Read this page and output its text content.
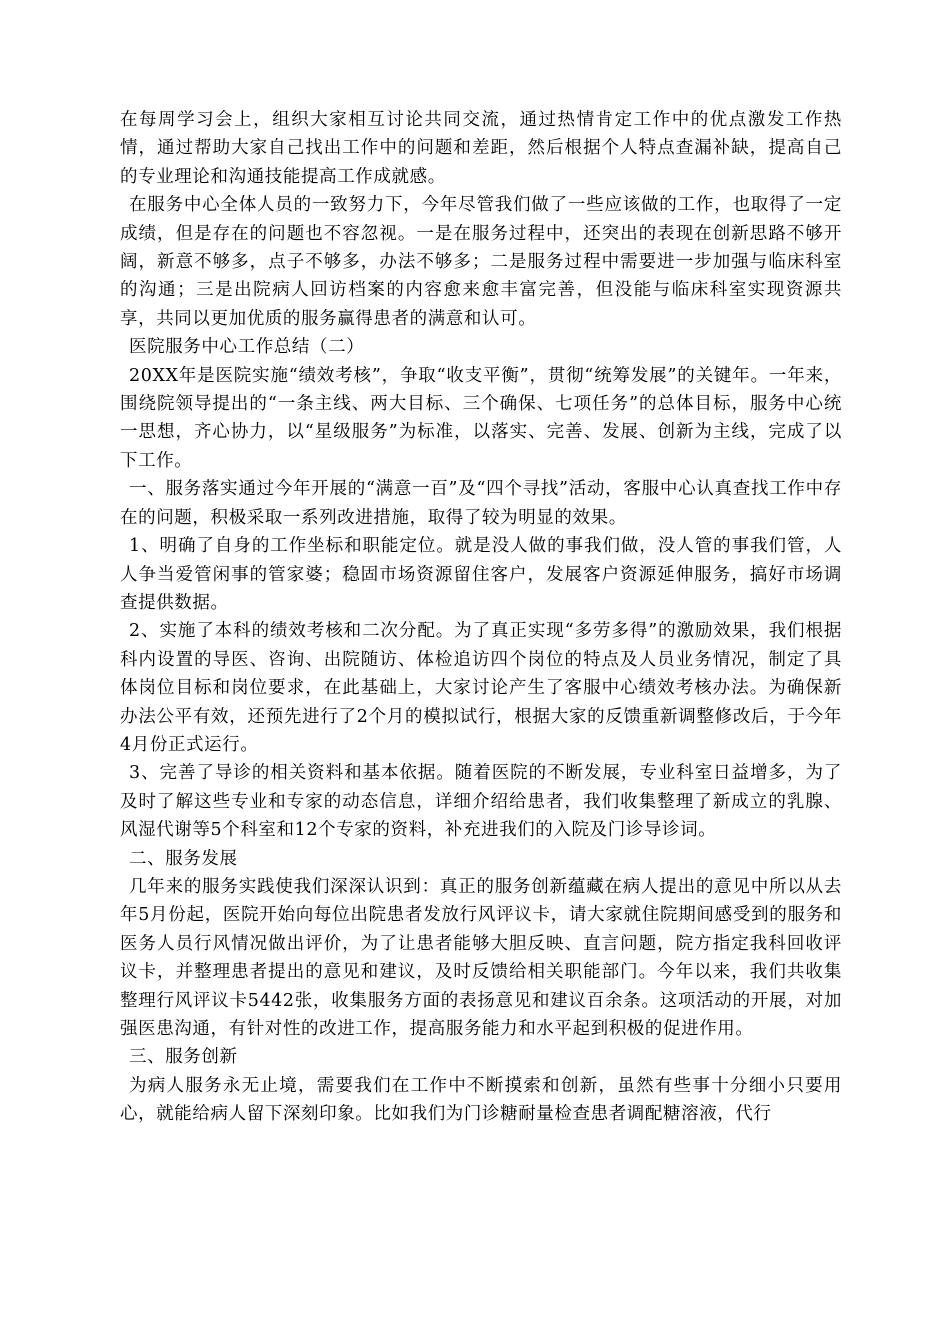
在每周学习会上，组织大家相互讨论共同交流，通过热情肯定工作中的优点激发工作热情，通过帮助大家自己找出工作中的问题和差距，然后根据个人特点查漏补缺，提高自己的专业理论和沟通技能提高工作成就感。

在服务中心全体人员的一致努力下，今年尽管我们做了一些应该做的工作，也取得了一定成绩，但是存在的问题也不容忽视。一是在服务过程中，还突出的表现在创新思路不够开阔，新意不够多，点子不够多，办法不够多；二是服务过程中需要进一步加强与临床科室的沟通；三是出院病人回访档案的内容愈来愈丰富完善，但没能与临床科室实现资源共享，共同以更加优质的服务赢得患者的满意和认可。

医院服务中心工作总结（二）

20XX年是医院实施“绩效考核”，争取“收支平衡”，贯彻“统筹发展”的关键年。一年来，围绕院领导提出的“一条主线、两大目标、三个确保、七项任务”的总体目标，服务中心统一思想，齐心协力，以“星级服务”为标准，以落实、完善、发展、创新为主线，完成了以下工作。

一、服务落实通过今年开展的“满意一百”及“四个寻找”活动，客服中心认真查找工作中存在的问题，积极采取一系列改进措施，取得了较为明显的效果。

1、明确了自身的工作坐标和职能定位。就是没人做的事我们做，没人管的事我们管，人人争当爱管闲事的管家婆；稳固市场资源留住客户，发展客户资源延伸服务，搞好市场调查提供数据。

2、实施了本科的绩效考核和二次分配。为了真正实现“多劳多得”的激励效果，我们根据科内设置的导医、咨询、出院随访、体检追访四个岗位的特点及人员业务情况，制定了具体岗位目标和岗位要求，在此基础上，大家讨论产生了客服中心绩效考核办法。为确保新办法公平有效，还预先进行了2个月的模拟试行，根据大家的反馈重新调整修改后，于今年4月份正式运行。

3、完善了导诊的相关资料和基本依据。随着医院的不断发展，专业科室日益增多，为了及时了解这些专业和专家的动态信息，详细介绍给患者，我们收集整理了新成立的乳腺、风湿代谢等5个科室和12个专家的资料，补充进我们的入院及门诊导诊词。

二、服务发展

几年来的服务实践使我们深深认识到：真正的服务创新蕴藏在病人提出的意见中所以从去年5月份起，医院开始向每位出院患者发放行风评议卡，请大家就住院期间感受到的服务和医务人员行风情况做出评价，为了让患者能够大胆反映、直言问题，院方指定我科回收评议卡，并整理患者提出的意见和建议，及时反馈给相关职能部门。今年以来，我们共收集整理行风评议卡5442张，收集服务方面的表扬意见和建议百余条。这项活动的开展，对加强医患沟通，有针对性的改进工作，提高服务能力和水平起到积极的促进作用。

三、服务创新

为病人服务永无止境，需要我们在工作中不断摸索和创新，虽然有些事十分细小只要用心，就能给病人留下深刻印象。比如我们为门诊糖耐量检查患者调配糖溶液，代行
